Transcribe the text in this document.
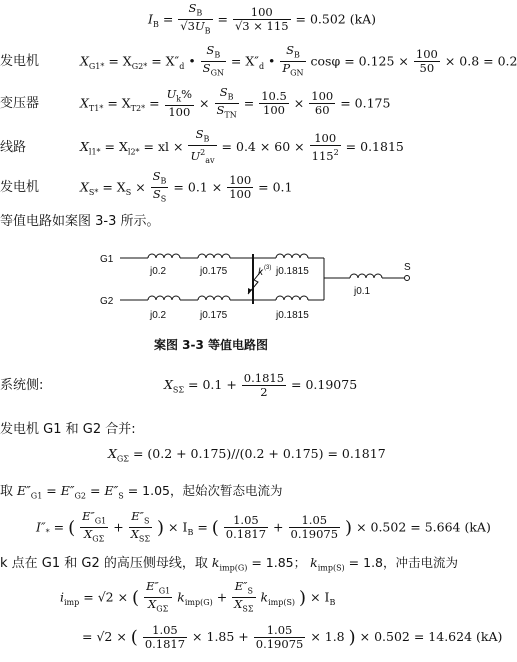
$I_B = \frac{S_B}{√3U_B} = \frac{100}{√3 \times 115} = 0.502$ (kA)
发电机	$X_{G1*} = X_{G2*} = X''_d$ • $\frac{S_B}{S_{GN}} = X''_d$ • $\frac{S_B}{P_{GN}}$ $\cos\varphi = 0.125 \times \frac{100}{50} \times 0.8 = 0.2$
变压器	$X_{T1*} = X_{T2*} = \frac{U_k\%}{100} \times \frac{S_B}{S_{TN}} = \frac{10.5}{100} \times \frac{100}{60} = 0.175$
线路	$X_{l1*} = X_{l2*}$ = xl × $\frac{S_B}{U^2_{av}} = 0.4 \times 60 \times \frac{100}{115^2} = 0.1815$
发电机	$X_{S*} = X_S \times \frac{S_B}{S_S} = 0.1 \times \frac{100}{100} = 0.1$
等值电路如案图 3-3 所示。
G1
G2
j0.2	j0.175	j0.1815
j0.2	j0.175	j0.1815
j0.1
k (3)	S
案图 3-3 等值电路图
系统侧:	$X_{S\Sigma} = 0.1 + \frac{0.1815}{2} = 0.19075$
发电机 G1 和 G2 合并:
$X_{G\Sigma} = (0.2 + 0.175)//(0.2 + 0.175) = 0.1817$
取 $E''_{G1} = E''_{G2} = E''_S = 1.05$，起始次暂态电流为
$I''_*$ = ( $\frac{E''_{G1}}{X_{G\Sigma}} + \frac{E''_S}{X_{S\Sigma}}$ ) × $I_B$ = ( $\frac{1.05}{0.1817} + \frac{1.05}{0.19075}$ ) × 0.502 = 5.664 (kA)
k 点在 G1 和 G2 的高压侧母线，取 $k_{imp(G)} = 1.85$； $k_{imp(S)} = 1.8$，冲击电流为
$i_{imp} = √2$ × ( $\frac{E''_{G1}}{X_{G\Sigma}} k_{imp(G)} + \frac{E''_S}{X_{S\Sigma}} k_{imp(S)}$ ) × $I_B$
= √2 × ( $\frac{1.05}{0.1817} \times 1.85 + \frac{1.05}{0.19075} \times 1.8$ ) × 0.502 = 14.624 (kA)
